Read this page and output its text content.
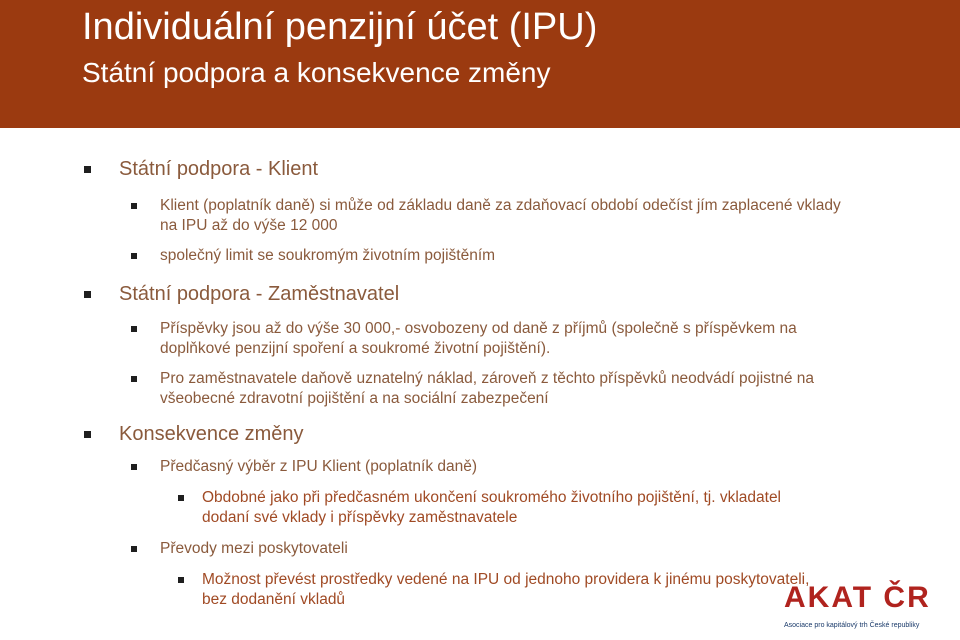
Individuální penzijní účet (IPU)
Státní podpora a konsekvence změny
Státní podpora - Klient
Klient (poplatník daně) si může od základu daně za zdaňovací období odečíst jím zaplacené vklady na IPU až do výše 12 000
společný limit se soukromým životním pojištěním
Státní podpora - Zaměstnavatel
Příspěvky jsou až do výše 30 000,- osvobozeny od daně z příjmů (společně s příspěvkem na doplňkové penzijní spoření a soukromé životní pojištění).
Pro zaměstnavatele daňově uznatelný náklad, zároveň z těchto příspěvků neodvádí pojistné na všeobecné zdravotní pojištění a na sociální zabezpečení
Konsekvence změny
Předčasný výběr z IPU Klient (poplatník daně)
Obdobné jako při předčasném ukončení soukromého životního pojištění, tj. vkladatel dodaní své vklady i příspěvky zaměstnavatele
Převody mezi poskytovateli
Možnost převést prostředky vedené na IPU od jednoho providera k jinému poskytovateli, bez dodanění vkladů	AKAT ČR
Asociace pro kapitálový trh České republiky
